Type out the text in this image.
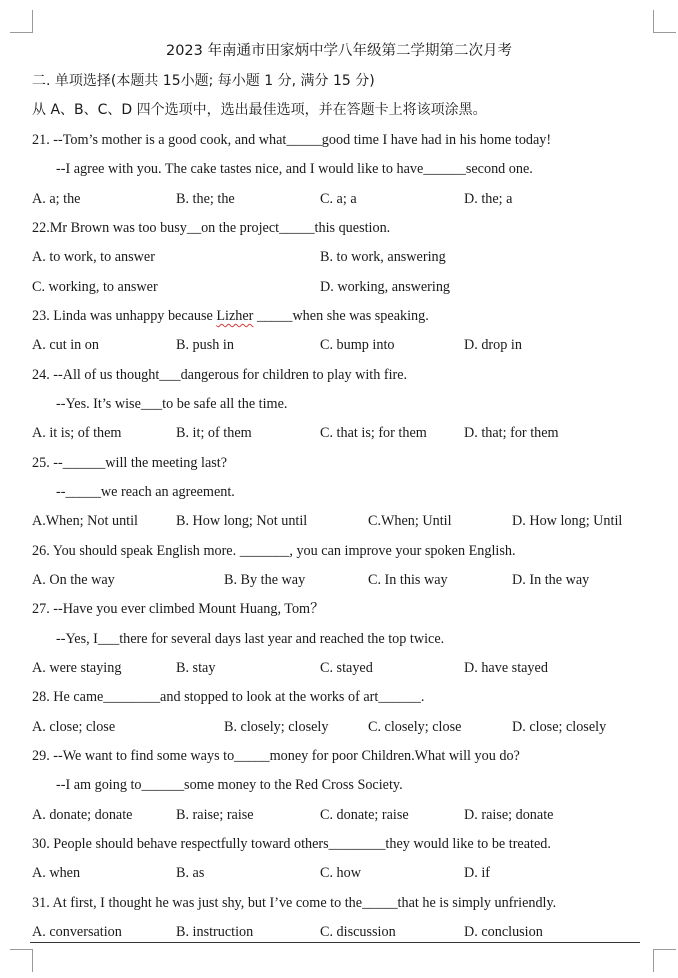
2023 年南通市田家炳中学八年级第二学期第二次月考
二. 单项选择(本题共 15小题; 每小题 1 分, 满分 15 分)
从 A、B、C、D 四个选项中，选出最佳选项，并在答题卡上将该项涂黑。
21. --Tom’s mother is a good cook, and what_____good time I have had in his home today!
--I agree with you. The cake tastes nice, and I would like to have______second one.
A. a; the	B. the; the	C. a; a	D. the; a
22.Mr Brown was too busy__on the project_____this question.
A. to work, to answer	B. to work, answering
C. working, to answer	D. working, answering
23. Linda was unhappy because Lizher _____when she was speaking.
A. cut in on	B. push in	C. bump into	D. drop in
24. --All of us thought___dangerous for children to play with fire.
--Yes. It’s wise___to be safe all the time.
A. it is; of them	B. it; of them	C. that is; for them	D. that; for them
25. --______will the meeting last?
--_____we reach an agreement.
A.When; Not until	B. How long; Not until	C.When; Until	D. How long; Until
26. You should speak English more. _______, you can improve your spoken English.
A. On the way	B. By the way	C. In this way	D. In the way
27. --Have you ever climbed Mount Huang, Tom？
--Yes, I___there for several days last year and reached the top twice.
A. were staying	B. stay	C. stayed	D. have stayed
28. He came________and stopped to look at the works of art______.
A. close; close	B. closely; closely	C. closely; close	D. close; closely
29. --We want to find some ways to_____money for poor Children.What will you do?
--I am going to______some money to the Red Cross Society.
A. donate; donate	B. raise; raise	C. donate; raise	D. raise; donate
30. People should behave respectfully toward others________they would like to be treated.
A. when	B. as	C. how	D. if
31. At first, I thought he was just shy, but I’ve come to the_____that he is simply unfriendly.
A. conversation	B. instruction	C. discussion	D. conclusion
